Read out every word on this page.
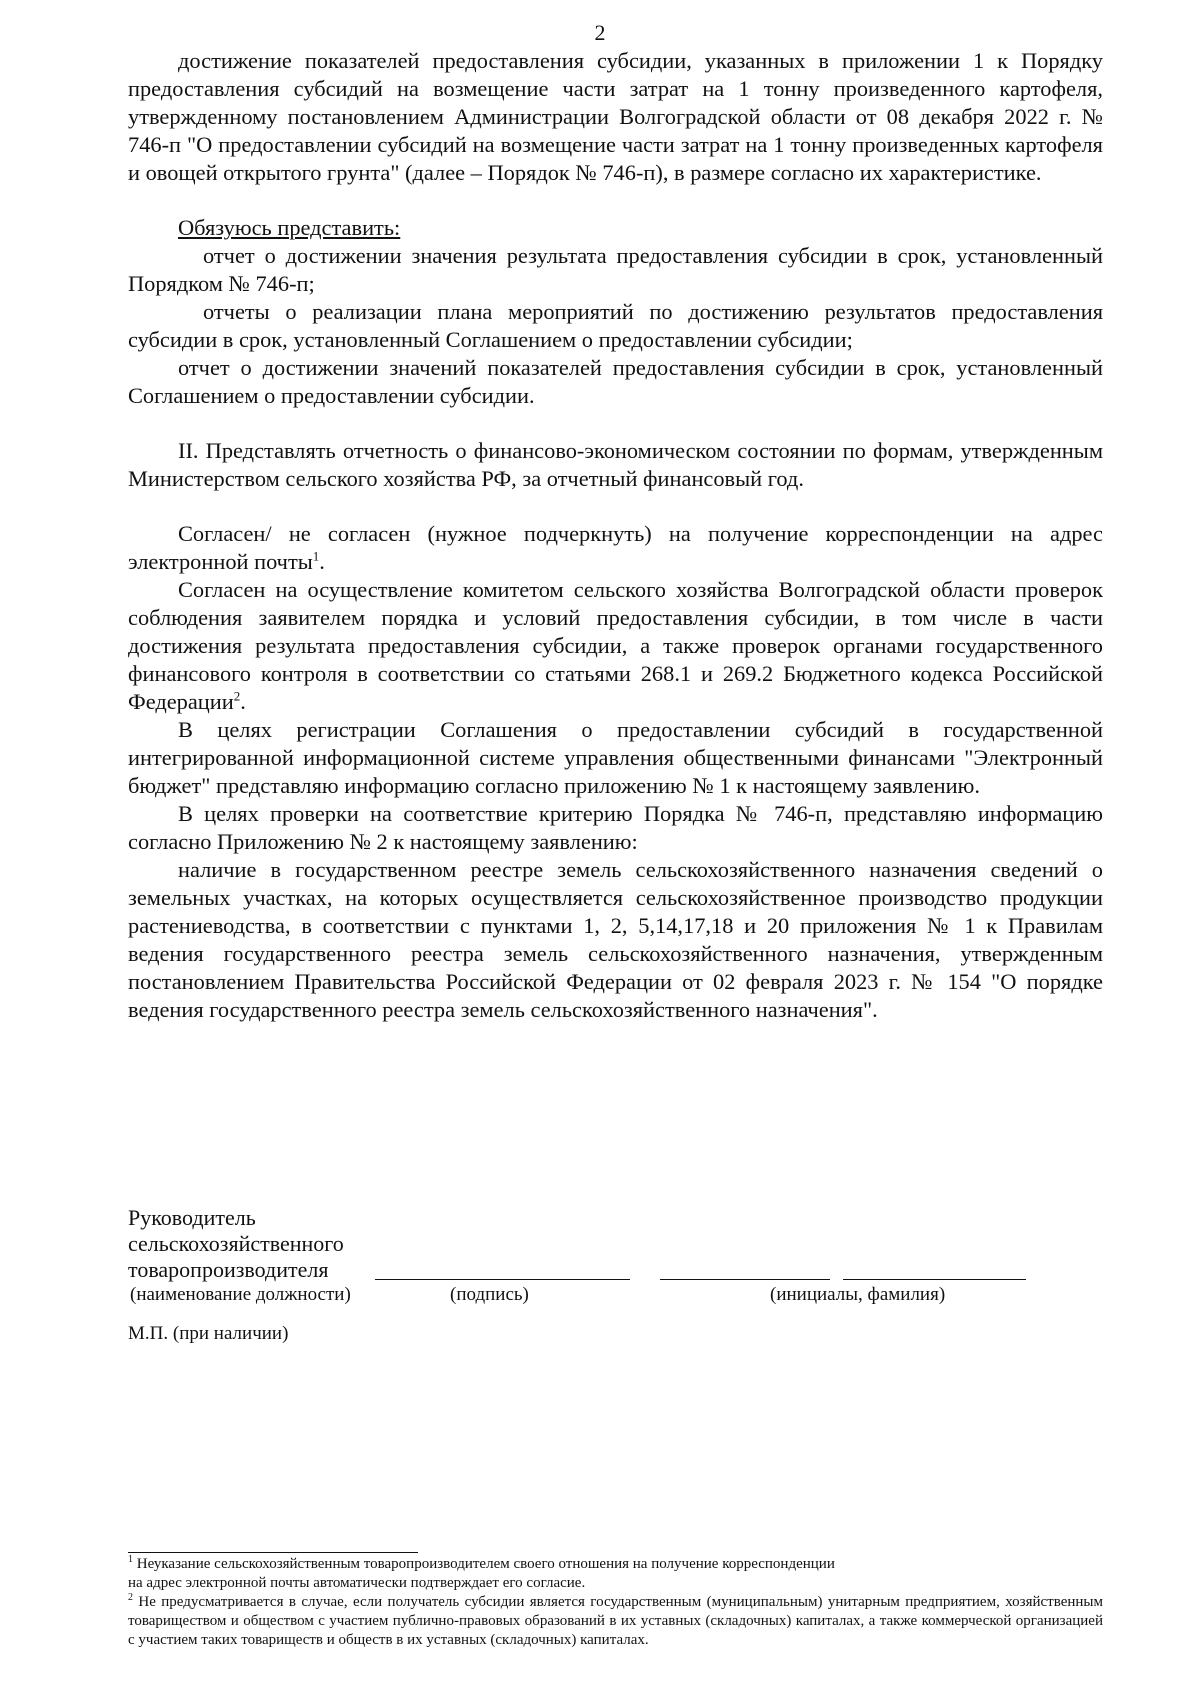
2

достижение показателей предоставления субсидии, указанных в приложении 1 к Порядку предоставления субсидий на возмещение части затрат на 1 тонну произведенного картофеля, утвержденному постановлением Администрации Волгоградской области от 08 декабря 2022 г. № 746-п "О предоставлении субсидий на возмещение части затрат на 1 тонну произведенных картофеля и овощей открытого грунта" (далее – Порядок № 746-п), в размере согласно их характеристике.

Обязуюсь представить:

отчет о достижении значения результата предоставления субсидии в срок, установленный Порядком № 746-п;

отчеты о реализации плана мероприятий по достижению результатов предоставления субсидии в срок, установленный Соглашением о предоставлении субсидии;

отчет о достижении значений показателей предоставления субсидии в срок, установленный Соглашением о предоставлении субсидии.

II. Представлять отчетность о финансово-экономическом состоянии по формам, утвержденным Министерством сельского хозяйства РФ, за отчетный финансовый год.

Согласен/ не согласен (нужное подчеркнуть) на получение корреспонденции на адрес электронной почты$^1$.

Согласен на осуществление комитетом сельского хозяйства Волгоградской области проверок соблюдения заявителем порядка и условий предоставления субсидии, в том числе в части достижения результата предоставления субсидии, а также проверок органами государственного финансового контроля в соответствии со статьями 268.1 и 269.2 Бюджетного кодекса Российской Федерации$^2$.

В целях регистрации Соглашения о предоставлении субсидий в государственной интегрированной информационной системе управления общественными финансами "Электронный бюджет" представляю информацию согласно приложению № 1 к настоящему заявлению.

В целях проверки на соответствие критерию Порядка № 746-п, представляю информацию согласно Приложению № 2 к настоящему заявлению:

наличие в государственном реестре земель сельскохозяйственного назначения сведений о земельных участках, на которых осуществляется сельскохозяйственное производство продукции растениеводства, в соответствии с пунктами 1, 2, 5,14,17,18 и 20 приложения № 1 к Правилам ведения государственного реестра земель сельскохозяйственного назначения, утвержденным постановлением Правительства Российской Федерации от 02 февраля 2023 г. № 154 "О порядке ведения государственного реестра земель сельскохозяйственного назначения".

Руководитель
сельскохозяйственного
товаропроизводителя
(наименование должности)	(подпись)	(инициалы, фамилия)
М.П. (при наличии)

$^1$ Неуказание сельскохозяйственным товаропроизводителем своего отношения на получение корреспонденции

на адрес электронной почты автоматически подтверждает его согласие.

$^2$ Не предусматривается в случае, если получатель субсидии является государственным (муниципальным) унитарным предприятием, хозяйственным товариществом и обществом с участием публично-правовых образований в их уставных (складочных) капиталах, а также коммерческой организацией с участием таких товариществ и обществ в их уставных (складочных) капиталах.
